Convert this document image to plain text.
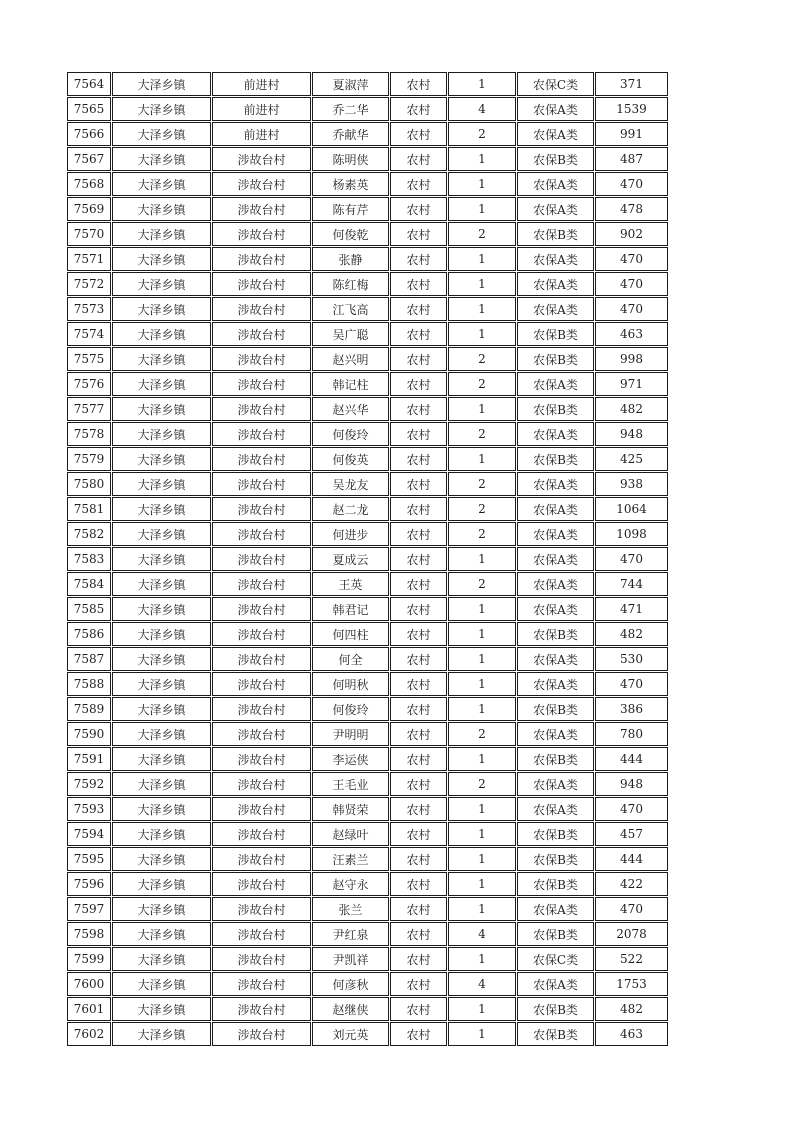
7564	大泽乡镇	前进村	夏淑萍	农村	1	农保C类	371
7565	大泽乡镇	前进村	乔二华	农村	4	农保A类	1539
7566	大泽乡镇	前进村	乔献华	农村	2	农保A类	991
7567	大泽乡镇	涉故台村	陈明侠	农村	1	农保B类	487
7568	大泽乡镇	涉故台村	杨素英	农村	1	农保A类	470
7569	大泽乡镇	涉故台村	陈有芹	农村	1	农保A类	478
7570	大泽乡镇	涉故台村	何俊乾	农村	2	农保B类	902
7571	大泽乡镇	涉故台村	张静	农村	1	农保A类	470
7572	大泽乡镇	涉故台村	陈红梅	农村	1	农保A类	470
7573	大泽乡镇	涉故台村	江飞高	农村	1	农保A类	470
7574	大泽乡镇	涉故台村	吴广聪	农村	1	农保B类	463
7575	大泽乡镇	涉故台村	赵兴明	农村	2	农保B类	998
7576	大泽乡镇	涉故台村	韩记柱	农村	2	农保A类	971
7577	大泽乡镇	涉故台村	赵兴华	农村	1	农保B类	482
7578	大泽乡镇	涉故台村	何俊玲	农村	2	农保A类	948
7579	大泽乡镇	涉故台村	何俊英	农村	1	农保B类	425
7580	大泽乡镇	涉故台村	吴龙友	农村	2	农保A类	938
7581	大泽乡镇	涉故台村	赵二龙	农村	2	农保A类	1064
7582	大泽乡镇	涉故台村	何进步	农村	2	农保A类	1098
7583	大泽乡镇	涉故台村	夏成云	农村	1	农保A类	470
7584	大泽乡镇	涉故台村	王英	农村	2	农保A类	744
7585	大泽乡镇	涉故台村	韩君记	农村	1	农保A类	471
7586	大泽乡镇	涉故台村	何四柱	农村	1	农保B类	482
7587	大泽乡镇	涉故台村	何全	农村	1	农保A类	530
7588	大泽乡镇	涉故台村	何明秋	农村	1	农保A类	470
7589	大泽乡镇	涉故台村	何俊玲	农村	1	农保B类	386
7590	大泽乡镇	涉故台村	尹明明	农村	2	农保A类	780
7591	大泽乡镇	涉故台村	李运侠	农村	1	农保B类	444
7592	大泽乡镇	涉故台村	王毛业	农村	2	农保A类	948
7593	大泽乡镇	涉故台村	韩贤荣	农村	1	农保A类	470
7594	大泽乡镇	涉故台村	赵绿叶	农村	1	农保B类	457
7595	大泽乡镇	涉故台村	汪素兰	农村	1	农保B类	444
7596	大泽乡镇	涉故台村	赵守永	农村	1	农保B类	422
7597	大泽乡镇	涉故台村	张兰	农村	1	农保A类	470
7598	大泽乡镇	涉故台村	尹红泉	农村	4	农保B类	2078
7599	大泽乡镇	涉故台村	尹凯祥	农村	1	农保C类	522
7600	大泽乡镇	涉故台村	何彦秋	农村	4	农保A类	1753
7601	大泽乡镇	涉故台村	赵继侠	农村	1	农保B类	482
7602	大泽乡镇	涉故台村	刘元英	农村	1	农保B类	463
